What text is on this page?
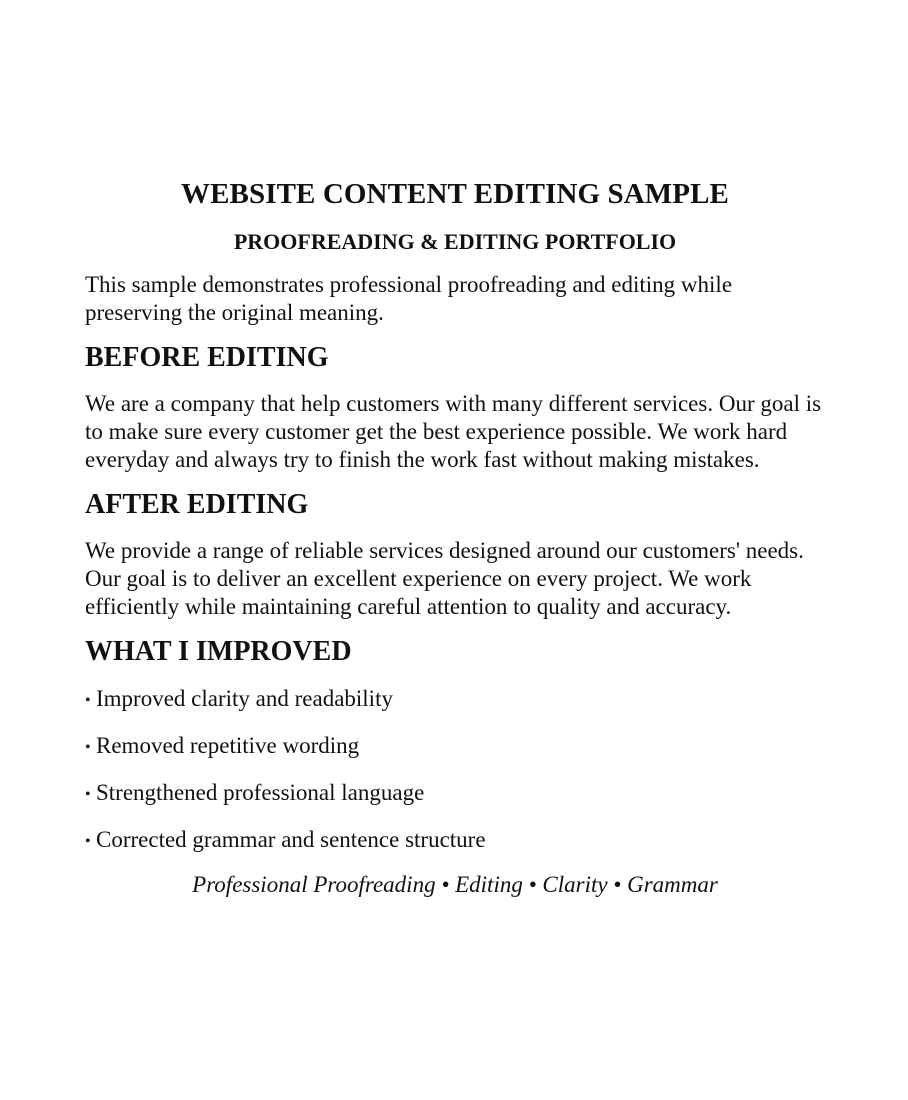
WEBSITE CONTENT EDITING SAMPLE
PROOFREADING & EDITING PORTFOLIO

This sample demonstrates professional proofreading and editing while preserving the original meaning.

BEFORE EDITING

We are a company that help customers with many different services. Our goal is to make sure every customer get the best experience possible. We work hard everyday and always try to finish the work fast without making mistakes.

AFTER EDITING

We provide a range of reliable services designed around our customers' needs. Our goal is to deliver an excellent experience on every project. We work efficiently while maintaining careful attention to quality and accuracy.

WHAT I IMPROVED
• Improved clarity and readability
• Removed repetitive wording
• Strengthened professional language
• Corrected grammar and sentence structure

Professional Proofreading • Editing • Clarity • Grammar
